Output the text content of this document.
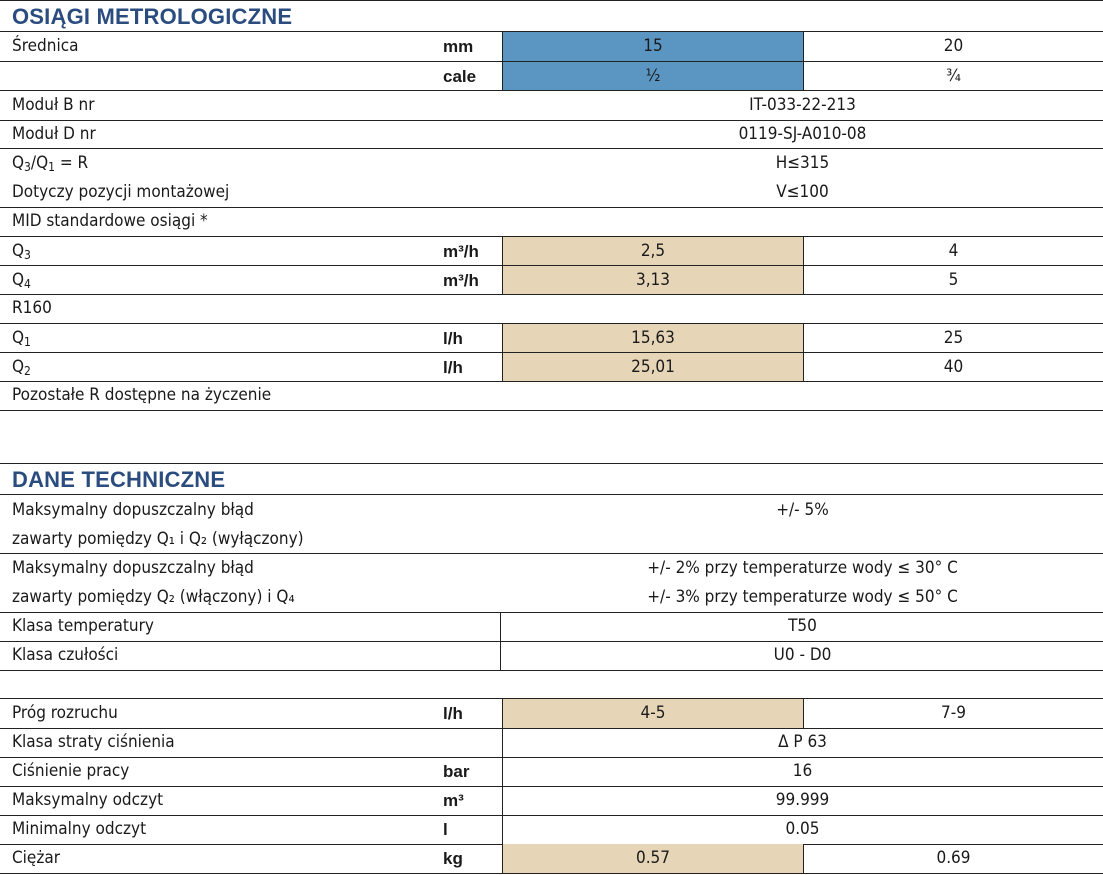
OSIĄGI METROLOGICZNE
Średnica	mm	15	20
cale	½	¾
Moduł B nr	IT-033-22-213
Moduł D nr	0119-SJ-A010-08
$Q_3/Q_1 = R$	H≤315
Dotyczy pozycji montażowej	V≤100
MID standardowe osiągi *
$Q_3$	m³/h	2,5	4
$Q_4$	m³/h	3,13	5
R160
$Q_1$	l/h	15,63	25
$Q_2$	l/h	25,01	40
Pozostałe R dostępne na życzenie
DANE TECHNICZNE
Maksymalny dopuszczalny błąd	+/- 5%
zawarty pomiędzy Q₁ i Q₂ (wyłączony)
Maksymalny dopuszczalny błąd	+/- 2% przy temperaturze wody ≤ 30° C
zawarty pomiędzy Q₂ (włączony) i Q₄	+/- 3% przy temperaturze wody ≤ 50° C
Klasa temperatury	T50
Klasa czułości	U0 - D0
Próg rozruchu	l/h	4-5	7-9
Klasa straty ciśnienia	Δ P 63
Ciśnienie pracy	bar	16
Maksymalny odczyt	m³	99.999
Minimalny odczyt	l	0.05
Ciężar	kg	0.57	0.69
